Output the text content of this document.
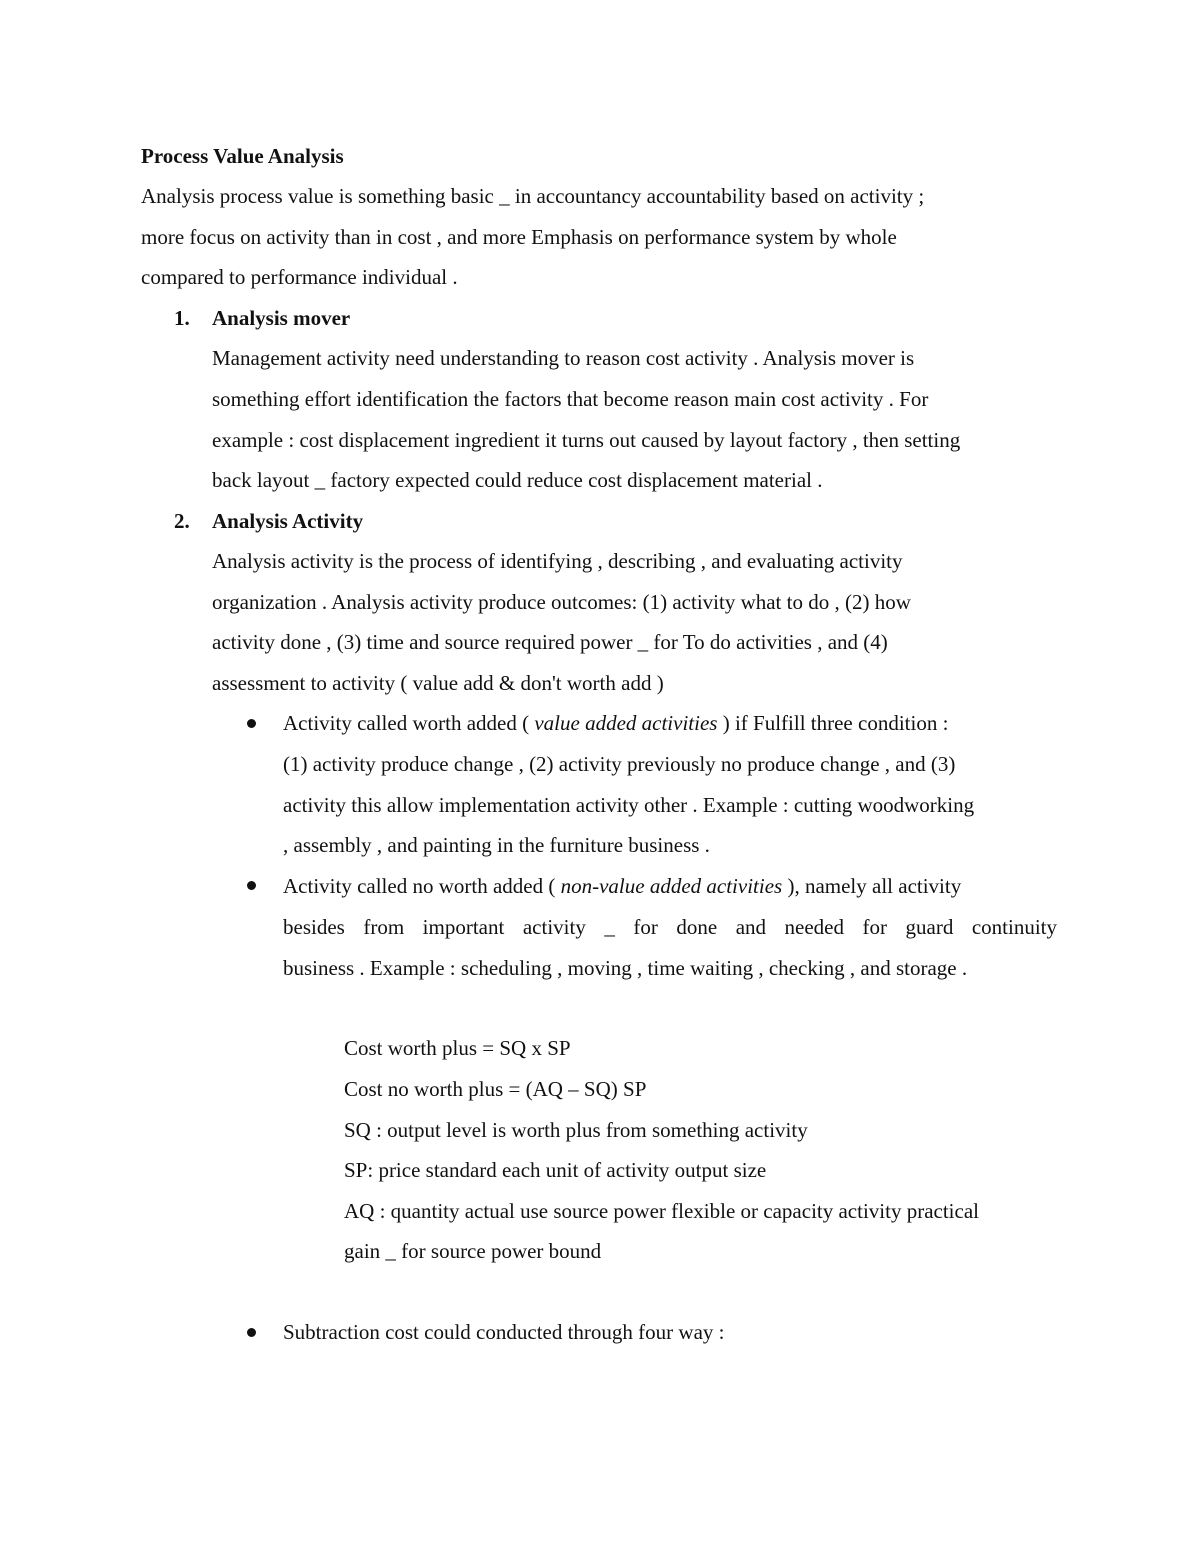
Process Value Analysis
Analysis process value is something basic _ in accountancy accountability based on activity ;
more focus on activity than in cost , and more Emphasis on performance system by whole
compared to performance individual .
1. Analysis mover
Management activity need understanding to reason cost activity . Analysis mover is
something effort identification the factors that become reason main cost activity . For
example : cost displacement ingredient it turns out caused by layout factory , then setting
back layout _ factory expected could reduce cost displacement material .
2. Analysis Activity
Analysis activity is the process of identifying , describing , and evaluating activity
organization . Analysis activity produce outcomes: (1) activity what to do , (2) how
activity done , (3) time and source required power _ for To do activities , and (4)
assessment to activity ( value add & don't worth add )
Activity called worth added ( value added activities ) if Fulfill three condition :
(1) activity produce change , (2) activity previously no produce change , and (3)
activity this allow implementation activity other . Example : cutting woodworking
, assembly , and painting in the furniture business .
Activity called no worth added ( non-value added activities ), namely all activity
besides from important activity _ for done and needed for guard continuity
business . Example : scheduling , moving , time waiting , checking , and storage .
Cost worth plus = SQ x SP
Cost no worth plus = (AQ – SQ) SP
SQ : output level is worth plus from something activity
SP: price standard each unit of activity output size
AQ : quantity actual use source power flexible or capacity activity practical
gain _ for source power bound
Subtraction cost could conducted through four way :
